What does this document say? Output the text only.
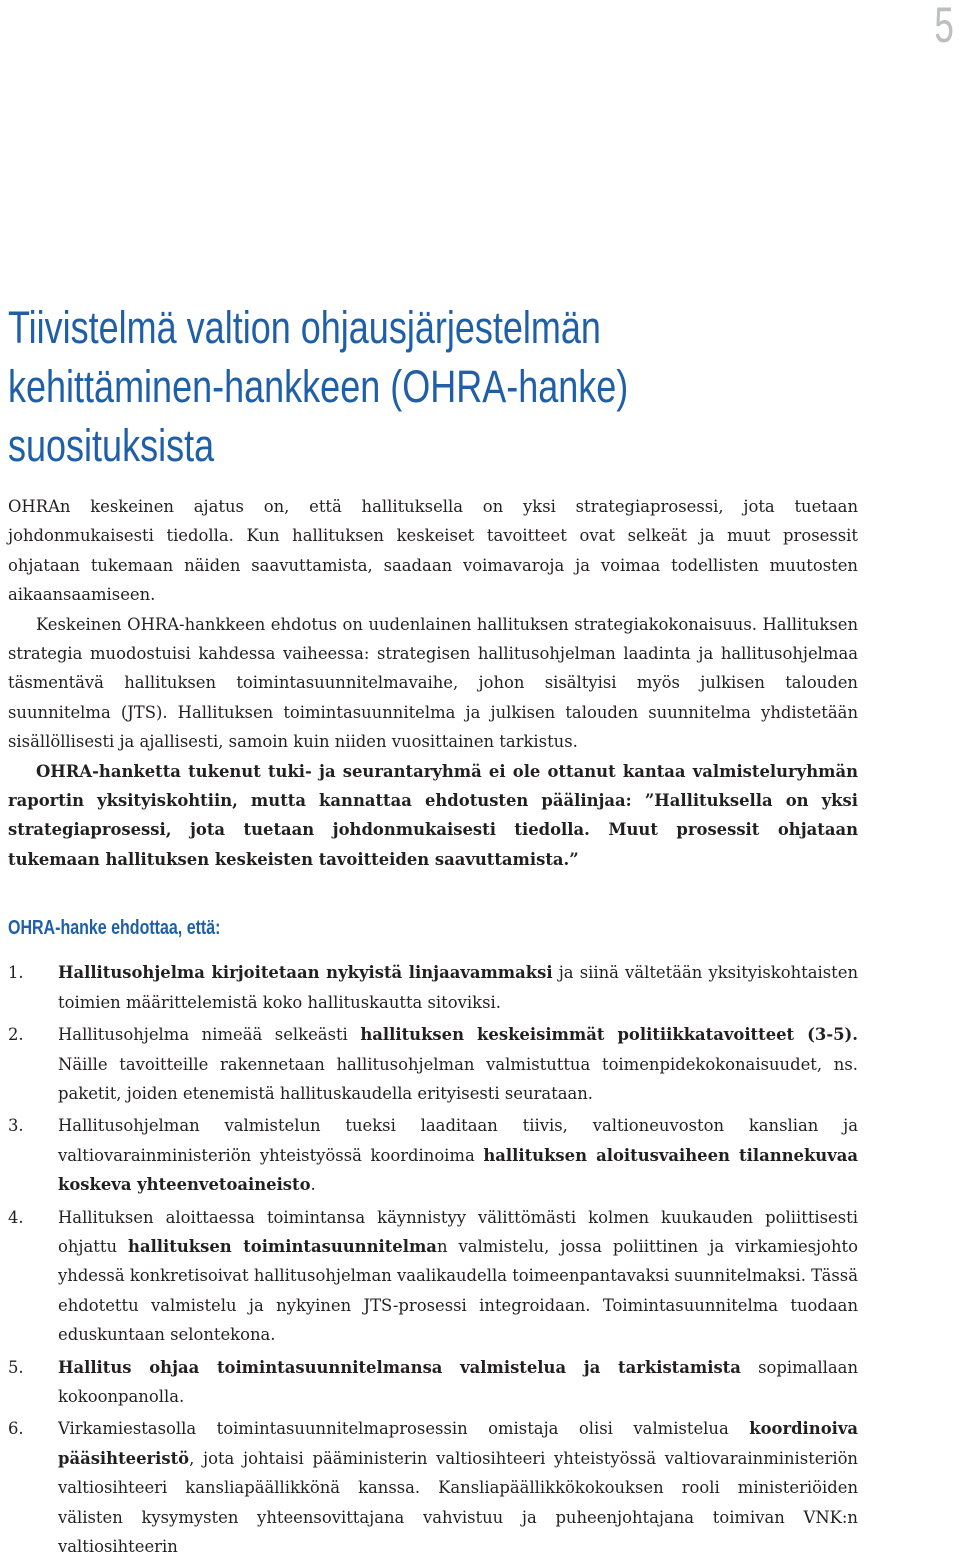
5
Tiivistelmä valtion ohjausjärjestelmän
kehittäminen-hankkeen (OHRA-hanke)
suosituksista

OHRAn keskeinen ajatus on, että hallituksella on yksi strategiaprosessi, jota tuetaan johdonmukaisesti tiedolla. Kun hallituksen keskeiset tavoitteet ovat selkeät ja muut prosessit ohjataan tukemaan näiden saavuttamista, saadaan voimavaroja ja voimaa todellisten muutosten aikaansaamiseen.

Keskeinen OHRA-hankkeen ehdotus on uudenlainen hallituksen strategiakokonaisuus. Hallituksen strategia muodostuisi kahdessa vaiheessa: strategisen hallitusohjelman laadinta ja hallitusohjelmaa täsmentävä hallituksen toimintasuunnitelmavaihe, johon sisältyisi myös julkisen talouden suunnitelma (JTS). Hallituksen toimintasuunnitelma ja julkisen talouden suunnitelma yhdistetään sisällöllisesti ja ajallisesti, samoin kuin niiden vuosittainen tarkistus.

OHRA-hanketta tukenut tuki- ja seurantaryhmä ei ole ottanut kantaa valmisteluryhmän raportin yksityiskohtiin, mutta kannattaa ehdotusten päälinjaa: ”Hallituksella on yksi strategiaprosessi, jota tuetaan johdonmukaisesti tiedolla. Muut prosessit ohjataan tukemaan hallituksen keskeisten tavoitteiden saavuttamista.”

OHRA-hanke ehdottaa, että:
1. Hallitusohjelma kirjoitetaan nykyistä linjaavammaksi ja siinä vältetään yksityiskohtaisten toimien määrittelemistä koko hallituskautta sitoviksi.
2. Hallitusohjelma nimeää selkeästi hallituksen keskeisimmät politiikkatavoitteet (3-5). Näille tavoitteille rakennetaan hallitusohjelman valmistuttua toimenpidekokonaisuudet, ns. paketit, joiden etenemistä hallituskaudella erityisesti seurataan.
3. Hallitusohjelman valmistelun tueksi laaditaan tiivis, valtioneuvoston kanslian ja valtiovarainministeriön yhteistyössä koordinoima hallituksen aloitusvaiheen tilannekuvaa koskeva yhteenvetoaineisto.
4. Hallituksen aloittaessa toimintansa käynnistyy välittömästi kolmen kuukauden poliittisesti ohjattu hallituksen toimintasuunnitelman valmistelu, jossa poliittinen ja virkamiesjohto yhdessä konkretisoivat hallitusohjelman vaalikaudella toimeenpantavaksi suunnitelmaksi. Tässä ehdotettu valmistelu ja nykyinen JTS-prosessi integroidaan. Toimintasuunnitelma tuodaan eduskuntaan selontekona.
5. Hallitus ohjaa toimintasuunnitelmansa valmistelua ja tarkistamista sopimallaan kokoonpanolla.
6. Virkamiestasolla toimintasuunnitelmaprosessin omistaja olisi valmistelua koordinoiva pääsihteeristö, jota johtaisi pääministerin valtiosihteeri yhteistyössä valtiovarainministeriön valtiosihteeri kansliapäällikkönä kanssa. Kansliapäällikkökokouksen rooli ministeriöiden välisten kysymysten yhteensovittajana vahvistuu ja puheenjohtajana toimivan VNK:n valtiosihteerin
